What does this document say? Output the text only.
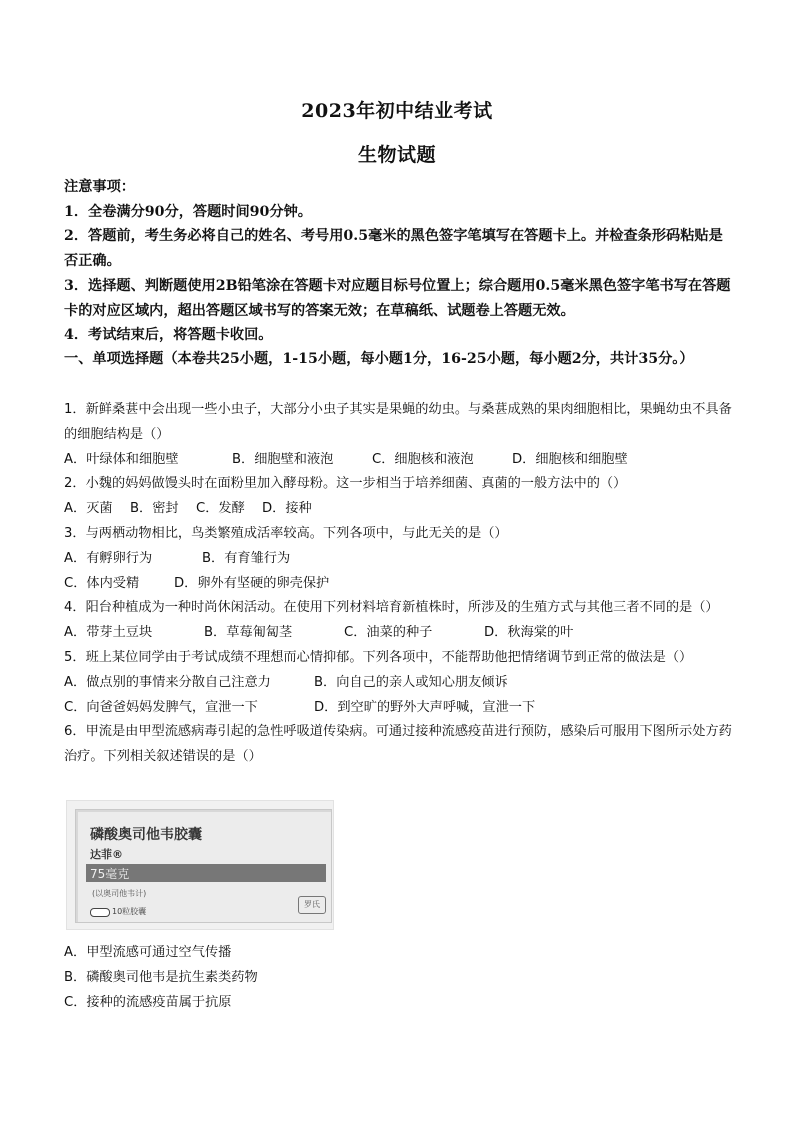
2023年初中结业考试
生物试题

注意事项：

1．全卷满分90分，答题时间90分钟。

2．答题前，考生务必将自己的姓名、考号用0.5毫米的黑色签字笔填写在答题卡上。并检查条形码粘贴是否正确。

3．选择题、判断题使用2B铅笔涂在答题卡对应题目标号位置上；综合题用0.5毫米黑色签字笔书写在答题卡的对应区域内，超出答题区域书写的答案无效；在草稿纸、试题卷上答题无效。

4．考试结束后，将答题卡收回。

一、单项选择题（本卷共25小题，1-15小题，每小题1分，16-25小题，每小题2分，共计35分。）

1．新鲜桑葚中会出现一些小虫子，大部分小虫子其实是果蝇的幼虫。与桑葚成熟的果肉细胞相比，果蝇幼虫不具备的细胞结构是（）

A．叶绿体和细胞壁	B．细胞壁和液泡	C．细胞核和液泡	D．细胞核和细胞壁

2．小魏的妈妈做馒头时在面粉里加入酵母粉。这一步相当于培养细菌、真菌的一般方法中的（）

A．灭菌	B．密封	C．发酵	D．接种

3．与两栖动物相比，鸟类繁殖成活率较高。下列各项中，与此无关的是（）

A．有孵卵行为	B．有育雏行为
C．体内受精	D．卵外有坚硬的卵壳保护

4．阳台种植成为一种时尚休闲活动。在使用下列材料培育新植株时，所涉及的生殖方式与其他三者不同的是（）

A．带芽土豆块	B．草莓匍匐茎	C．油菜的种子	D．秋海棠的叶

5．班上某位同学由于考试成绩不理想而心情抑郁。下列各项中，不能帮助他把情绪调节到正常的做法是（）

A．做点别的事情来分散自己注意力	B．向自己的亲人或知心朋友倾诉
C．向爸爸妈妈发脾气，宣泄一下	D．到空旷的野外大声呼喊，宣泄一下

6．甲流是由甲型流感病毒引起的急性呼吸道传染病。可通过接种流感疫苗进行预防，感染后可服用下图所示处方药治疗。下列相关叙述错误的是（）

磷酸奥司他韦胶囊
达菲®
75毫克
(以奥司他韦计)
10粒胶囊
罗氏

A．甲型流感可通过空气传播

B．磷酸奥司他韦是抗生素类药物

C．接种的流感疫苗属于抗原
